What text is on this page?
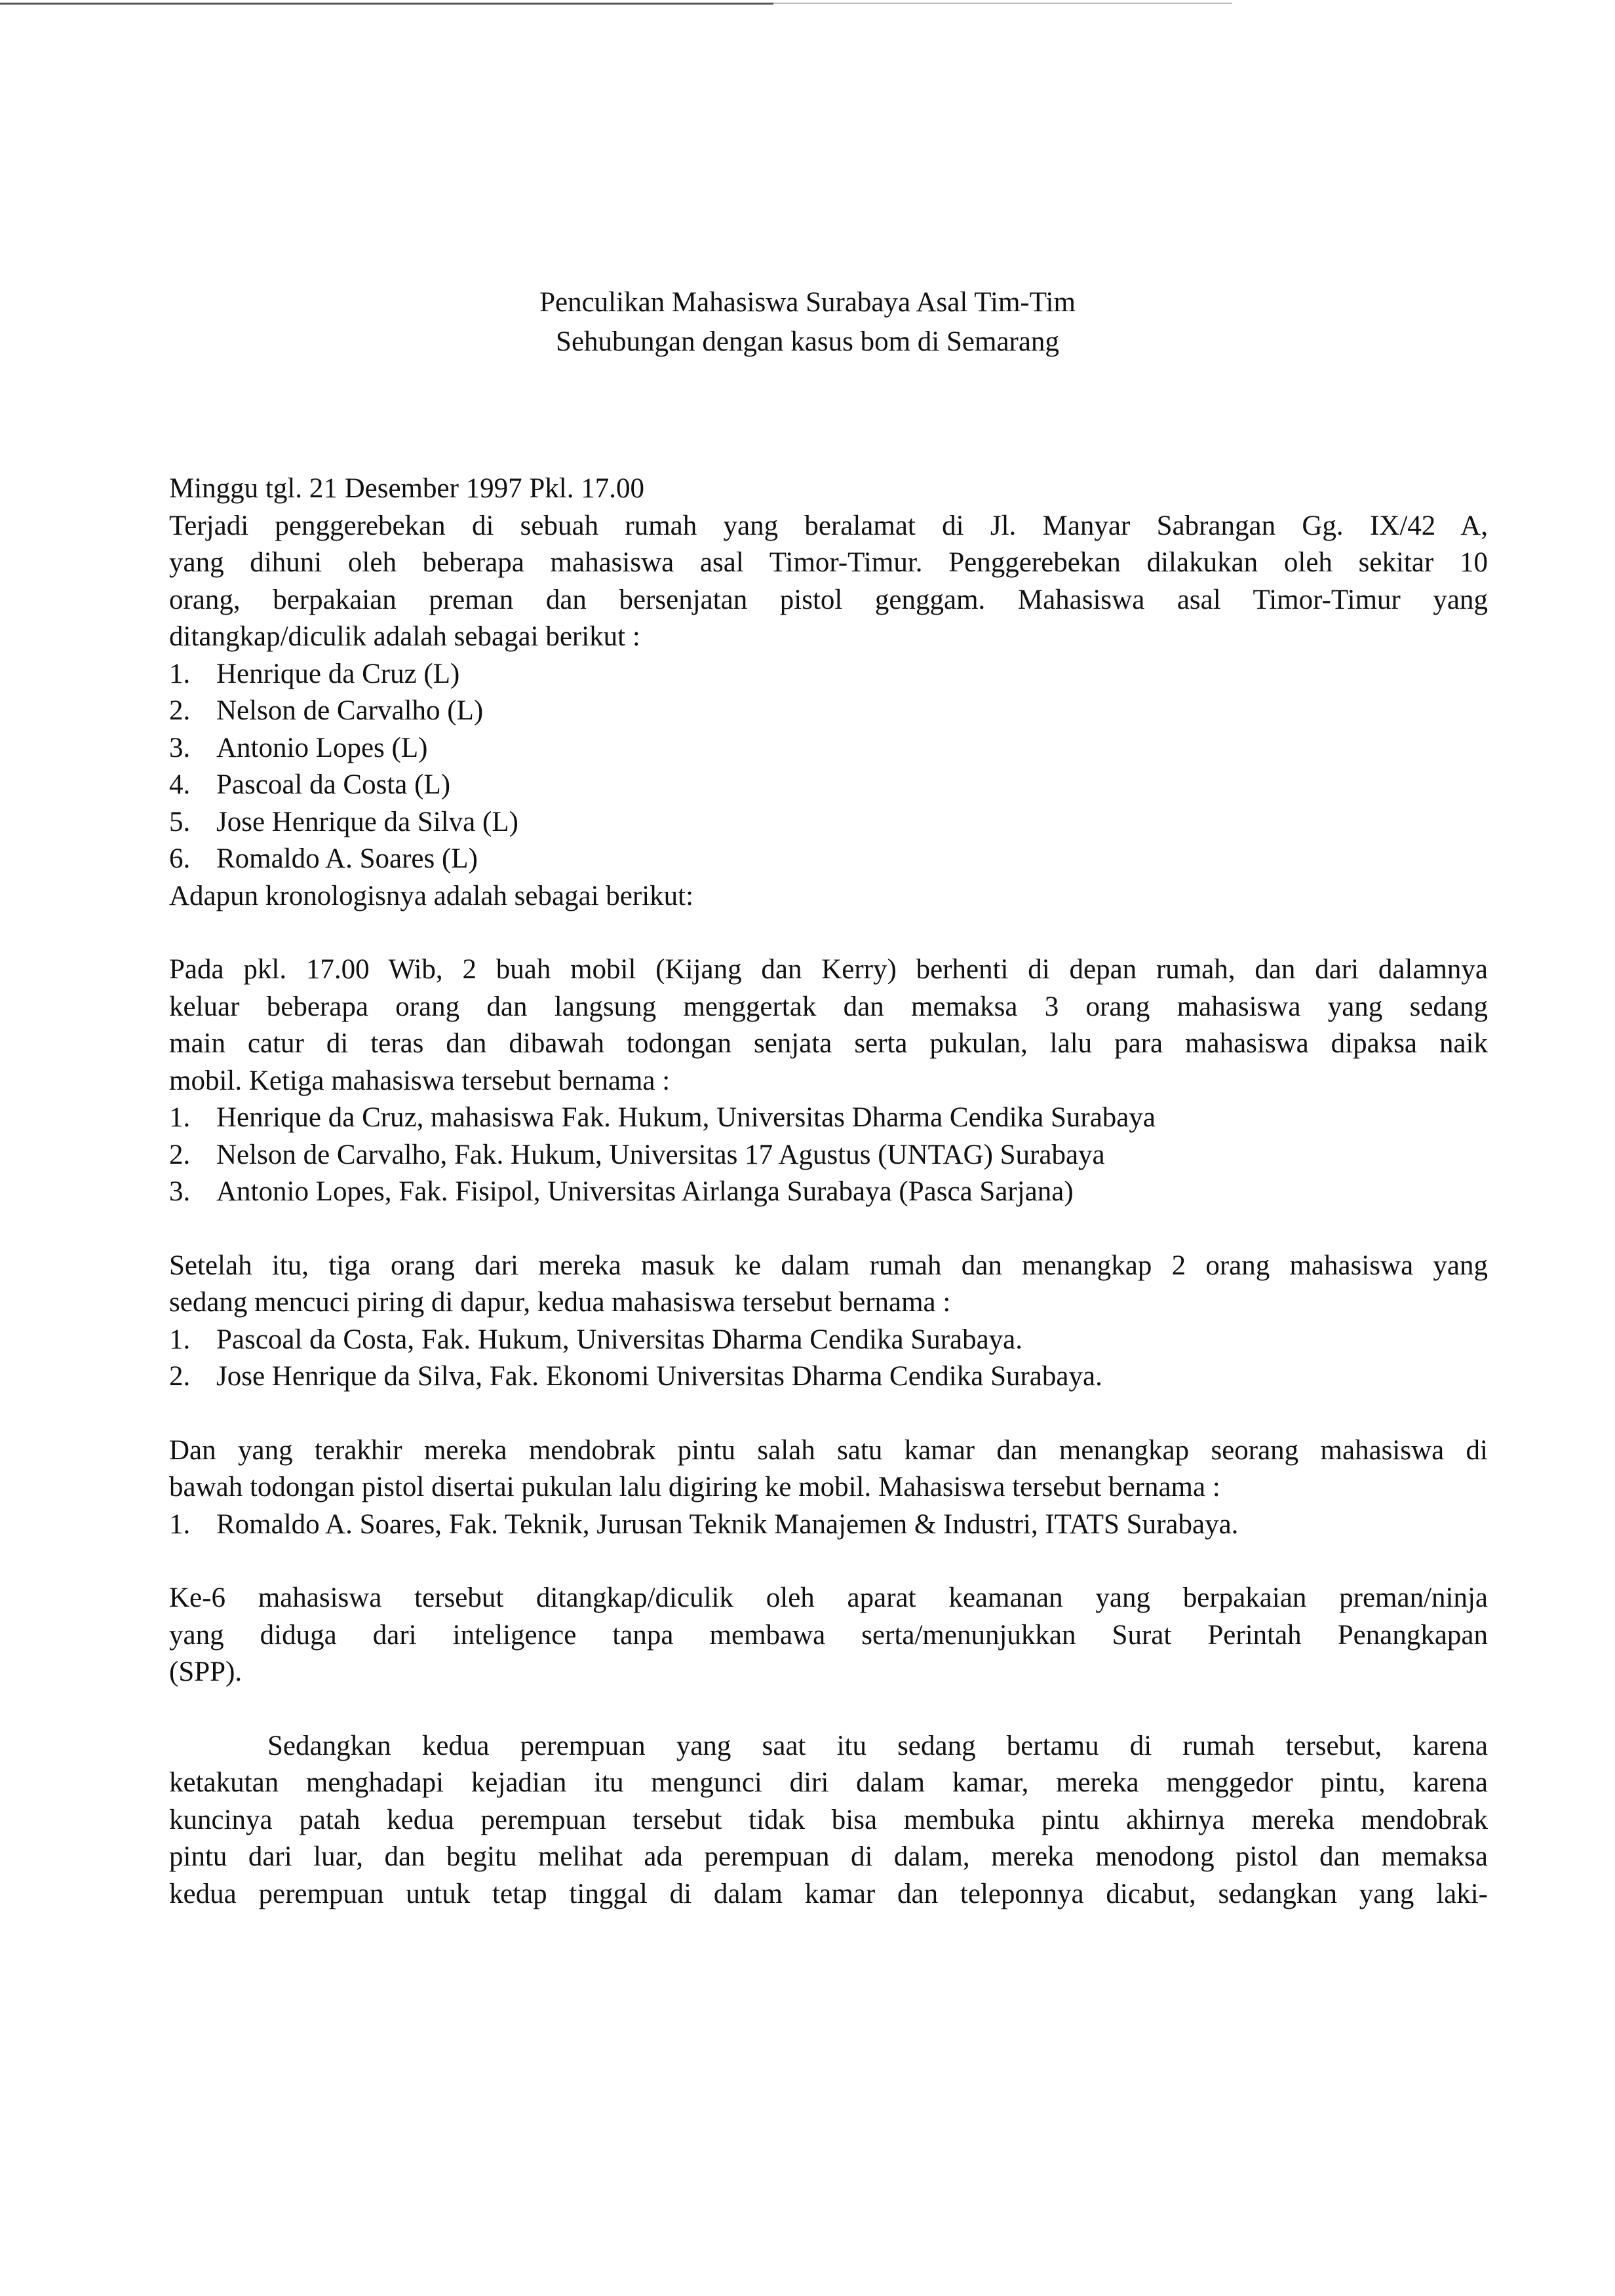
Penculikan Mahasiswa Surabaya Asal Tim-Tim
Sehubungan dengan kasus bom di Semarang
Minggu tgl. 21 Desember 1997 Pkl. 17.00
Terjadi penggerebekan di sebuah rumah yang beralamat di Jl. Manyar Sabrangan Gg. IX/42 A,
yang dihuni oleh beberapa mahasiswa asal Timor-Timur. Penggerebekan dilakukan oleh sekitar 10
orang, berpakaian preman dan bersenjatan pistol genggam. Mahasiswa asal Timor-Timur yang
ditangkap/diculik adalah sebagai berikut :
1. Henrique da Cruz (L)
2. Nelson de Carvalho (L)
3. Antonio Lopes (L)
4. Pascoal da Costa (L)
5. Jose Henrique da Silva (L)
6. Romaldo A. Soares (L)
Adapun kronologisnya adalah sebagai berikut:
Pada pkl. 17.00 Wib, 2 buah mobil (Kijang dan Kerry) berhenti di depan rumah, dan dari dalamnya
keluar beberapa orang dan langsung menggertak dan memaksa 3 orang mahasiswa yang sedang
main catur di teras dan dibawah todongan senjata serta pukulan, lalu para mahasiswa dipaksa naik
mobil. Ketiga mahasiswa tersebut bernama :
1. Henrique da Cruz, mahasiswa Fak. Hukum, Universitas Dharma Cendika Surabaya
2. Nelson de Carvalho, Fak. Hukum, Universitas 17 Agustus (UNTAG) Surabaya
3. Antonio Lopes, Fak. Fisipol, Universitas Airlanga Surabaya (Pasca Sarjana)
Setelah itu, tiga orang dari mereka masuk ke dalam rumah dan menangkap 2 orang mahasiswa yang
sedang mencuci piring di dapur, kedua mahasiswa tersebut bernama :
1. Pascoal da Costa, Fak. Hukum, Universitas Dharma Cendika Surabaya.
2. Jose Henrique da Silva, Fak. Ekonomi Universitas Dharma Cendika Surabaya.
Dan yang terakhir mereka mendobrak pintu salah satu kamar dan menangkap seorang mahasiswa di
bawah todongan pistol disertai pukulan lalu digiring ke mobil. Mahasiswa tersebut bernama :
1. Romaldo A. Soares, Fak. Teknik, Jurusan Teknik Manajemen & Industri, ITATS Surabaya.
Ke-6 mahasiswa tersebut ditangkap/diculik oleh aparat keamanan yang berpakaian preman/ninja
yang diduga dari inteligence tanpa membawa serta/menunjukkan Surat Perintah Penangkapan
(SPP).
Sedangkan kedua perempuan yang saat itu sedang bertamu di rumah tersebut, karena
ketakutan menghadapi kejadian itu mengunci diri dalam kamar, mereka menggedor pintu, karena
kuncinya patah kedua perempuan tersebut tidak bisa membuka pintu akhirnya mereka mendobrak
pintu dari luar, dan begitu melihat ada perempuan di dalam, mereka menodong pistol dan memaksa
kedua perempuan untuk tetap tinggal di dalam kamar dan teleponnya dicabut, sedangkan yang laki-
